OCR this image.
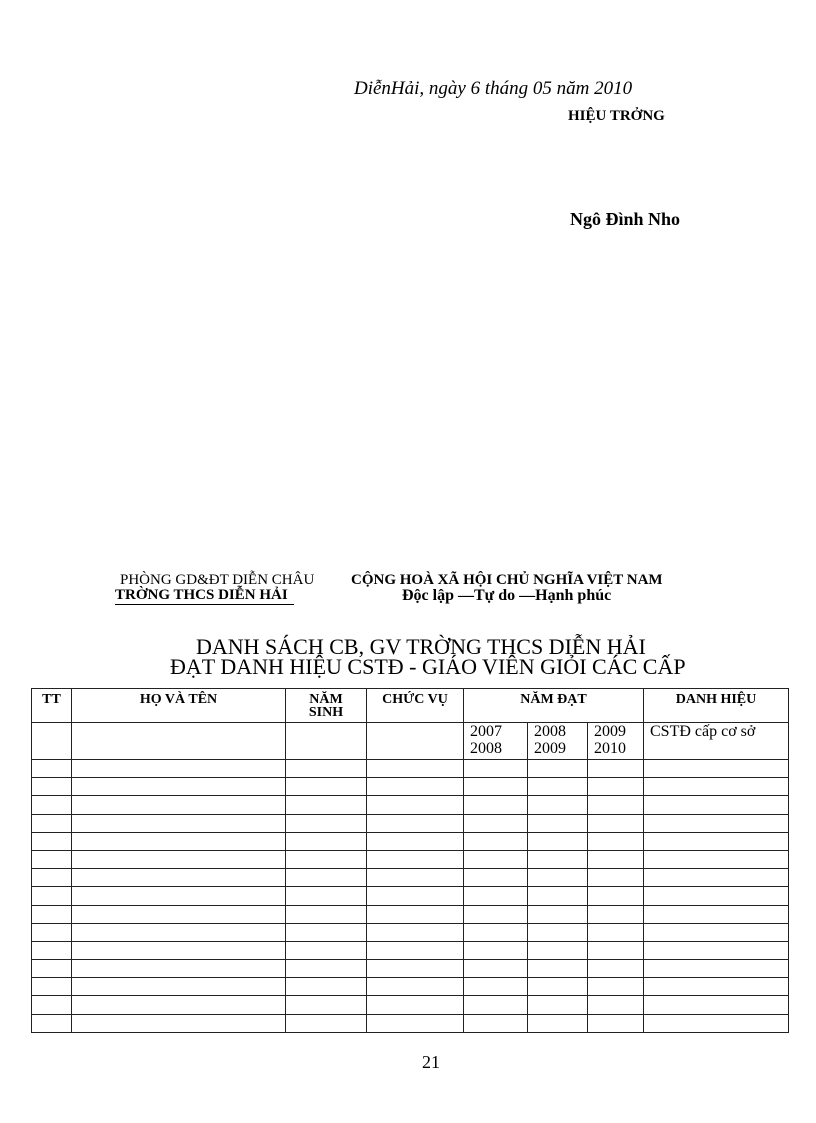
DiễnHải, ngày 6 tháng 05 năm 2010
HIỆU TRỞNG
Ngô Đình Nho
PHÒNG GD&ĐT DIỄN CHÂU
TRỜNG THCS DIỄN HẢI
CỘNG HOÀ XÃ HỘI CHỦ NGHĨA VIỆT NAM
Độc lập —Tự do —Hạnh phúc
DANH SÁCH CB, GV TRỜNG THCS DIỄN HẢI
ĐẠT DANH HIỆU CSTĐ - GIÁO VIÊN GIỎI CÁC CẤP
TT	HỌ VÀ TÊN	NĂM SINH	CHỨC VỤ	NĂM ĐẠT			DANH HIỆU
				2007 2008	2008 2009	2009 2010	CSTĐ cấp cơ sở

21
